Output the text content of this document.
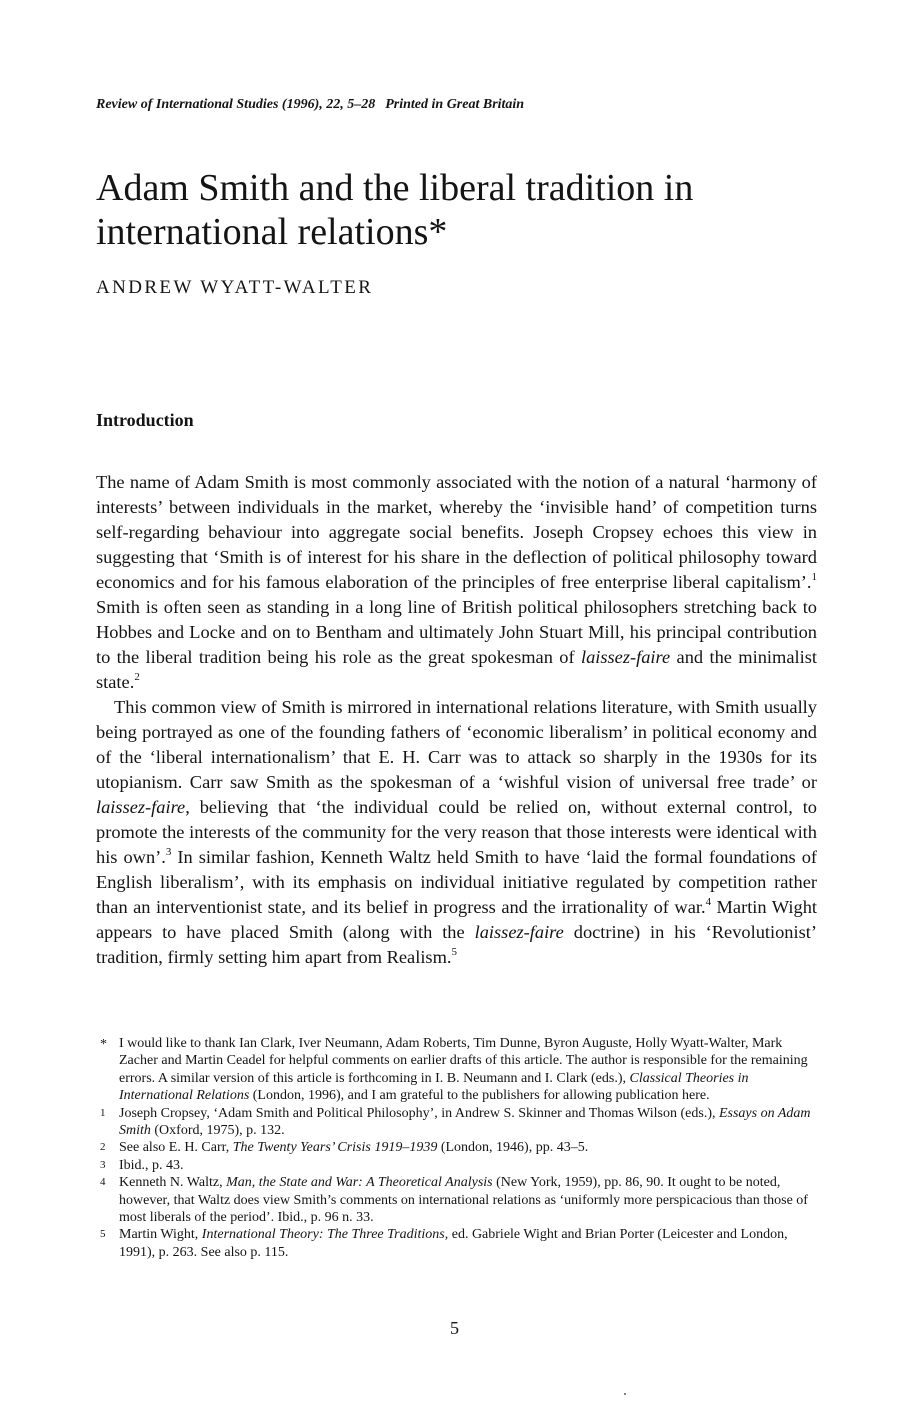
Review of International Studies (1996), 22, 5–28 Printed in Great Britain
Adam Smith and the liberal tradition in international relations*
ANDREW WYATT-WALTER
Introduction

The name of Adam Smith is most commonly associated with the notion of a natural ‘harmony of interests’ between individuals in the market, whereby the ‘invisible hand’ of competition turns self-regarding behaviour into aggregate social benefits. Joseph Cropsey echoes this view in suggesting that ‘Smith is of interest for his share in the deflection of political philosophy toward economics and for his famous elaboration of the principles of free enterprise liberal capitalism’.$^1$ Smith is often seen as standing in a long line of British political philosophers stretching back to Hobbes and Locke and on to Bentham and ultimately John Stuart Mill, his principal contribution to the liberal tradition being his role as the great spokesman of laissez-faire and the minimalist state.$^2$

This common view of Smith is mirrored in international relations literature, with Smith usually being portrayed as one of the founding fathers of ‘economic liberalism’ in political economy and of the ‘liberal internationalism’ that E. H. Carr was to attack so sharply in the 1930s for its utopianism. Carr saw Smith as the spokesman of a ‘wishful vision of universal free trade’ or laissez-faire, believing that ‘the individual could be relied on, without external control, to promote the interests of the community for the very reason that those interests were identical with his own’.$^3$ In similar fashion, Kenneth Waltz held Smith to have ‘laid the formal foundations of English liberalism’, with its emphasis on individual initiative regulated by competition rather than an interventionist state, and its belief in progress and the irrationality of war.$^4$ Martin Wight appears to have placed Smith (along with the laissez-faire doctrine) in his ‘Revolutionist’ tradition, firmly setting him apart from Realism.$^5$

* I would like to thank Ian Clark, Iver Neumann, Adam Roberts, Tim Dunne, Byron Auguste, Holly Wyatt-Walter, Mark Zacher and Martin Ceadel for helpful comments on earlier drafts of this article. The author is responsible for the remaining errors. A similar version of this article is forthcoming in I. B. Neumann and I. Clark (eds.), Classical Theories in International Relations (London, 1996), and I am grateful to the publishers for allowing publication here.

1 Joseph Cropsey, ‘Adam Smith and Political Philosophy’, in Andrew S. Skinner and Thomas Wilson (eds.), Essays on Adam Smith (Oxford, 1975), p. 132.

2 See also E. H. Carr, The Twenty Years’ Crisis 1919–1939 (London, 1946), pp. 43–5.

3 Ibid., p. 43.

4 Kenneth N. Waltz, Man, the State and War: A Theoretical Analysis (New York, 1959), pp. 86, 90. It ought to be noted, however, that Waltz does view Smith’s comments on international relations as ‘uniformly more perspicacious than those of most liberals of the period’. Ibid., p. 96 n. 33.

5 Martin Wight, International Theory: The Three Traditions, ed. Gabriele Wight and Brian Porter (Leicester and London, 1991), p. 263. See also p. 115.

5
